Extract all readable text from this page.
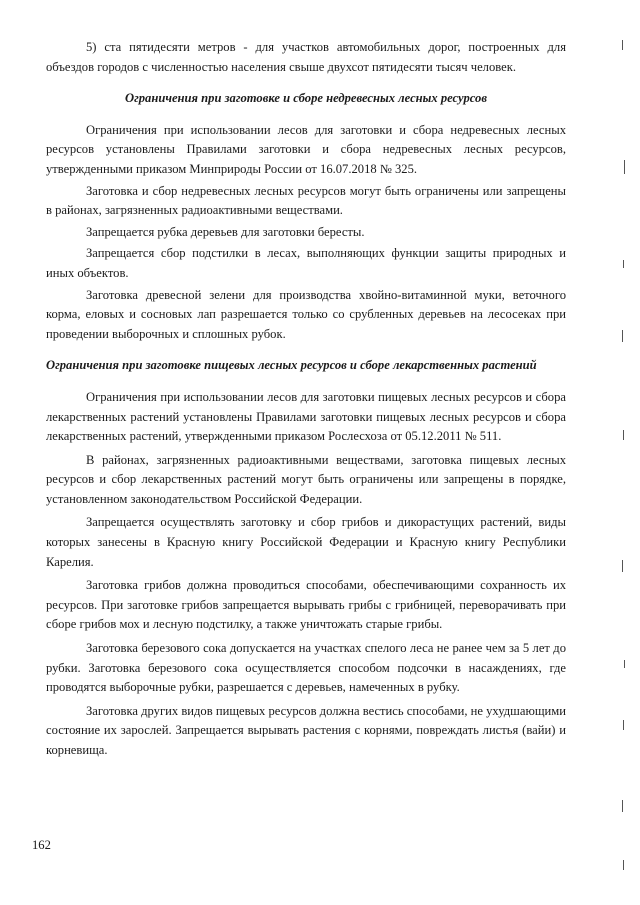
5) ста пятидесяти метров - для участков автомобильных дорог, построенных для объездов городов с численностью населения свыше двухсот пятидесяти тысяч человек.

Ограничения при заготовке и сборе недревесных лесных ресурсов

Ограничения при использовании лесов для заготовки и сбора недревесных лесных ресурсов установлены Правилами заготовки и сбора недревесных лесных ресурсов, утвержденными приказом Минприроды России от 16.07.2018 № 325.

Заготовка и сбор недревесных лесных ресурсов могут быть ограничены или запрещены в районах, загрязненных радиоактивными веществами.

Запрещается рубка деревьев для заготовки бересты.

Запрещается сбор подстилки в лесах, выполняющих функции защиты природных и иных объектов.

Заготовка древесной зелени для производства хвойно-витаминной муки, веточного корма, еловых и сосновых лап разрешается только со срубленных деревьев на лесосеках при проведении выборочных и сплошных рубок.

Ограничения при заготовке пищевых лесных ресурсов и сборе лекарственных растений

Ограничения при использовании лесов для заготовки пищевых лесных ресурсов и сбора лекарственных растений установлены Правилами заготовки пищевых лесных ресурсов и сбора лекарственных растений, утвержденными приказом Рослесхоза от 05.12.2011 № 511.

В районах, загрязненных радиоактивными веществами, заготовка пищевых лесных ресурсов и сбор лекарственных растений могут быть ограничены или запрещены в порядке, установленном законодательством Российской Федерации.

Запрещается осуществлять заготовку и сбор грибов и дикорастущих растений, виды которых занесены в Красную книгу Российской Федерации и Красную книгу Республики Карелия.

Заготовка грибов должна проводиться способами, обеспечивающими сохранность их ресурсов. При заготовке грибов запрещается вырывать грибы с грибницей, переворачивать при сборе грибов мох и лесную подстилку, а также уничтожать старые грибы.

Заготовка березового сока допускается на участках спелого леса не ранее чем за 5 лет до рубки. Заготовка березового сока осуществляется способом подсочки в насаждениях, где проводятся выборочные рубки, разрешается с деревьев, намеченных в рубку.

Заготовка других видов пищевых ресурсов должна вестись способами, не ухудшающими состояние их зарослей. Запрещается вырывать растения с корнями, повреждать листья (вайи) и корневища.

162
